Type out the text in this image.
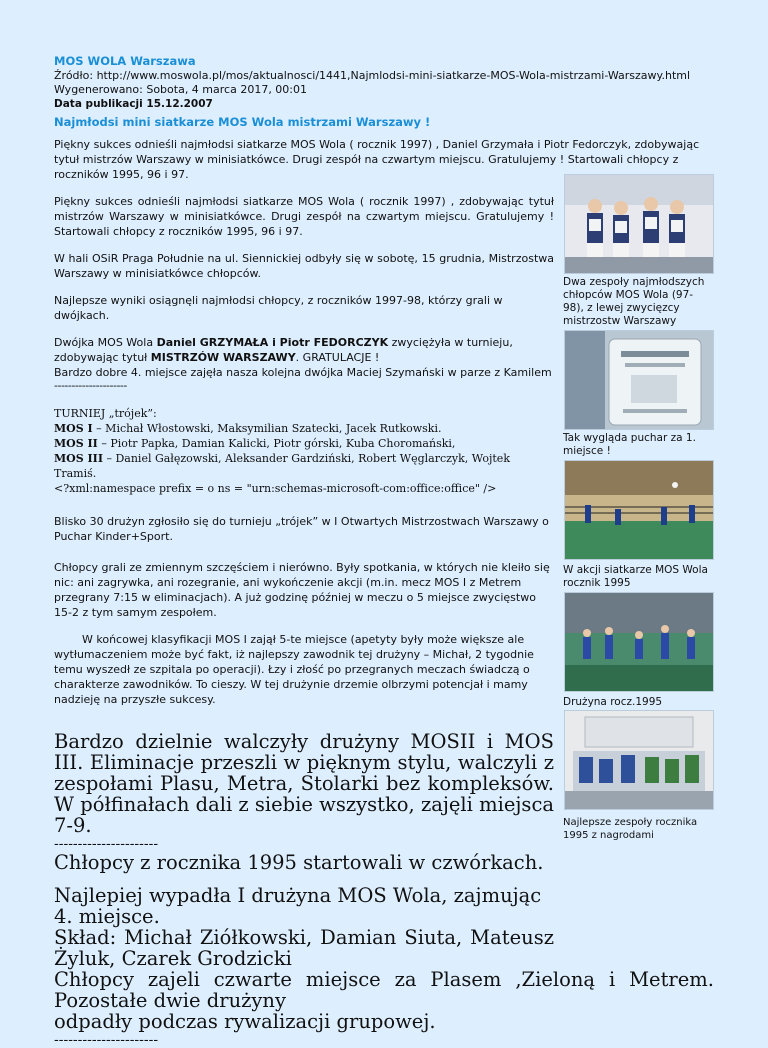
MOS WOLA Warszawa
Źródło: http://www.moswola.pl/mos/aktualnosci/1441,Najmlodsi-mini-siatkarze-MOS-Wola-mistrzami-Warszawy.html
Wygenerowano: Sobota, 4 marca 2017, 00:01
Data publikacji 15.12.2007
Najmłodsi mini siatkarze MOS Wola mistrzami Warszawy !

Piękny sukces odnieśli najmłodsi siatkarze MOS Wola ( rocznik 1997) , Daniel Grzymała i Piotr Fedorczyk, zdobywając tytuł mistrzów Warszawy w minisiatkówce. Drugi zespół na czwartym miejscu. Gratulujemy ! Startowali chłopcy z roczników 1995, 96 i 97.

Piękny sukces odnieśli najmłodsi siatkarze MOS Wola ( rocznik 1997) , zdobywając tytuł mistrzów Warszawy w minisiatkówce. Drugi zespół na czwartym miejscu. Gratulujemy ! Startowali chłopcy z roczników 1995, 96 i 97.

W hali OSiR Praga Południe na ul. Siennickiej odbyły się w sobotę, 15 grudnia, Mistrzostwa Warszawy w minisiatkówce chłopców.

Najlepsze wyniki osiągnęli najmłodsi chłopcy, z roczników 1997-98, którzy grali w dwójkach.

Dwójka MOS Wola Daniel GRZYMAŁA i Piotr FEDORCZYK zwyciężyła w turnieju, zdobywając tytuł MISTRZÓW WARSZAWY. GRATULACJE !
Bardzo dobre 4. miejsce zajęła nasza kolejna dwójka Maciej Szymański w parze z Kamilem

---------------------
TURNIEJ „trójek”:
MOS I – Michał Włostowski, Maksymilian Szatecki, Jacek Rutkowski.
MOS II – Piotr Papka, Damian Kalicki, Piotr górski, Kuba Choromański,
MOS III – Daniel Gałęzowski, Aleksander Gardziński, Robert Węglarczyk, Wojtek Tramiś.
<?xml:namespace prefix = o ns = "urn:schemas-microsoft-com:office:office" />

Blisko 30 drużyn zgłosiło się do turnieju „trójek” w I Otwartych Mistrzostwach Warszawy o Puchar Kinder+Sport.

Chłopcy grali ze zmiennym szczęściem i nierówno. Były spotkania, w których nie kleiło się nic: ani zagrywka, ani rozegranie, ani wykończenie akcji (m.in. mecz MOS I z Metrem przegrany 7:15 w eliminacjach). A już godzinę później w meczu o 5 miejsce zwycięstwo 15-2 z tym samym zespołem.

W końcowej klasyfikacji MOS I zajął 5-te miejsce (apetyty były może większe ale wytłumaczeniem może być fakt, iż najlepszy zawodnik tej drużyny – Michał, 2 tygodnie temu wyszedł ze szpitala po operacji). Łzy i złość po przegranych meczach świadczą o charakterze zawodników. To cieszy. W tej drużynie drzemie olbrzymi potencjał i mamy nadzieję na przyszłe sukcesy.

Bardzo dzielnie walczyły drużyny MOSII i MOS III. Eliminacje przeszli w pięknym stylu, walczyli z zespołami Plasu, Metra, Stolarki bez kompleksów. W półfinałach dali z siebie wszystko, zajęli miejsca 7-9.

----------------------

Chłopcy z rocznika 1995 startowali w czwórkach.

Najlepiej wypadła I drużyna MOS Wola, zajmując 4. miejsce.

Skład: Michał Ziółkowski, Damian Siuta, Mateusz Żyluk, Czarek Grodzicki

Chłopcy zajeli czwarte miejsce za Plasem ,Zieloną i Metrem. Pozostałe dwie drużyny

odpadły podczas rywalizacji grupowej.

----------------------

Dwa zespoły najmłodszych chłopców MOS Wola (97-98), z lewej zwycięzcy mistrzostw Warszawy
Tak wygląda puchar za 1. miejsce !
W akcji siatkarze MOS Wola rocznik 1995
Drużyna rocz.1995
Najlepsze zespoły rocznika 1995 z nagrodami
